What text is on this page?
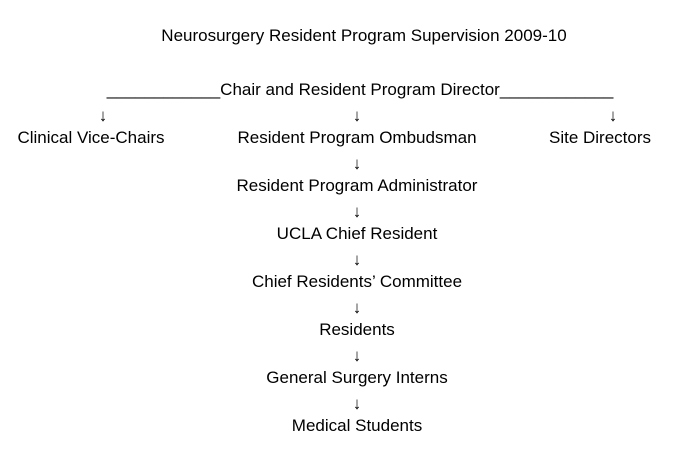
Neurosurgery Resident Program Supervision 2009-10
____________Chair and Resident Program Director____________
↓	↓	↓
Clinical Vice-Chairs	Resident Program Ombudsman	Site Directors
↓
Resident Program Administrator
↓
UCLA Chief Resident
↓
Chief Residents’ Committee
↓
Residents
↓
General Surgery Interns
↓
Medical Students
